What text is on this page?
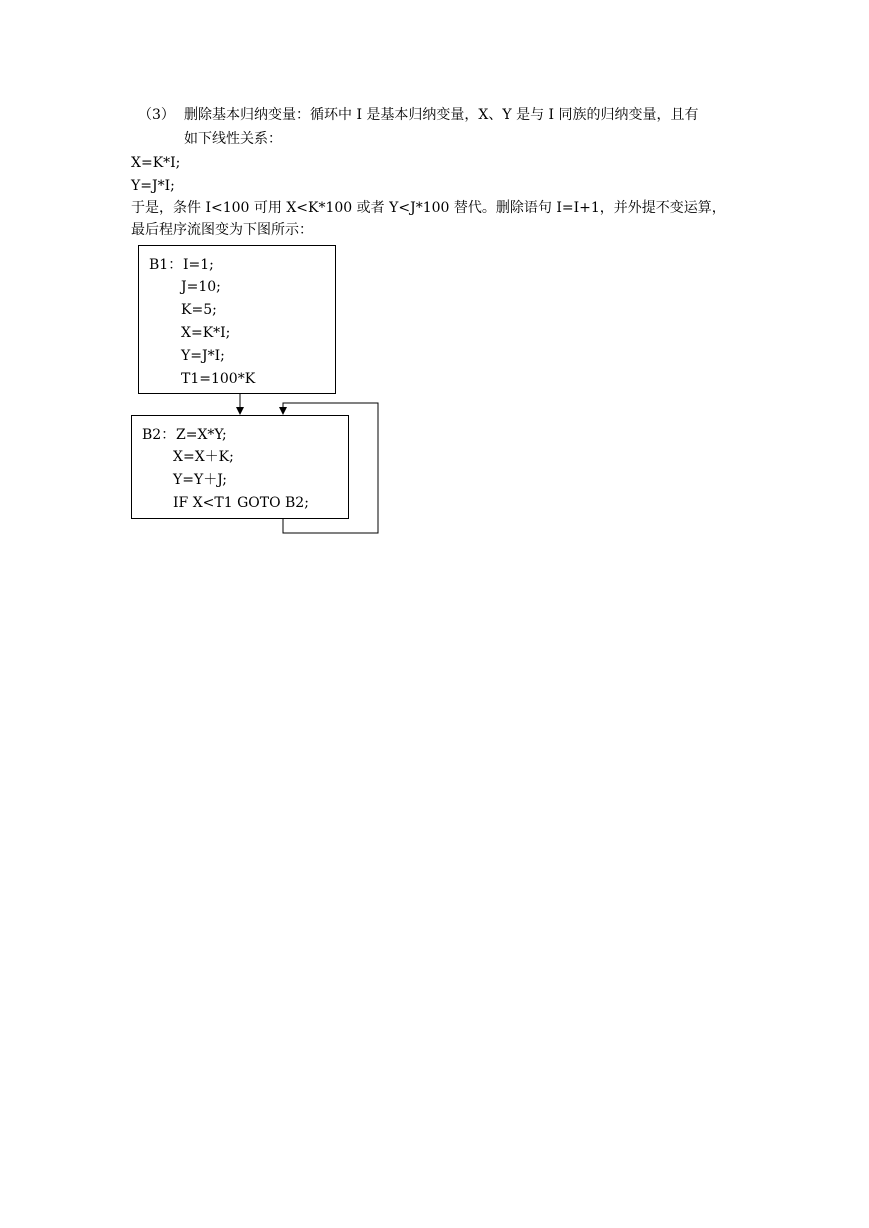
（3） 删除基本归纳变量：循环中 I 是基本归纳变量，X、Y 是与 I 同族的归纳变量，且有
如下线性关系：
X=K*I;
Y=J*I;
于是，条件 I<100 可用 X<K*100 或者 Y<J*100 替代。删除语句 I=I+1，并外提不变运算，
最后程序流图变为下图所示：
B1： I=1;
J=10;
K=5;
X=K*I;
Y=J*I;
T1=100*K
B2： Z=X*Y;
X=X＋K;
Y=Y＋J;
IF X<T1 GOTO B2;
